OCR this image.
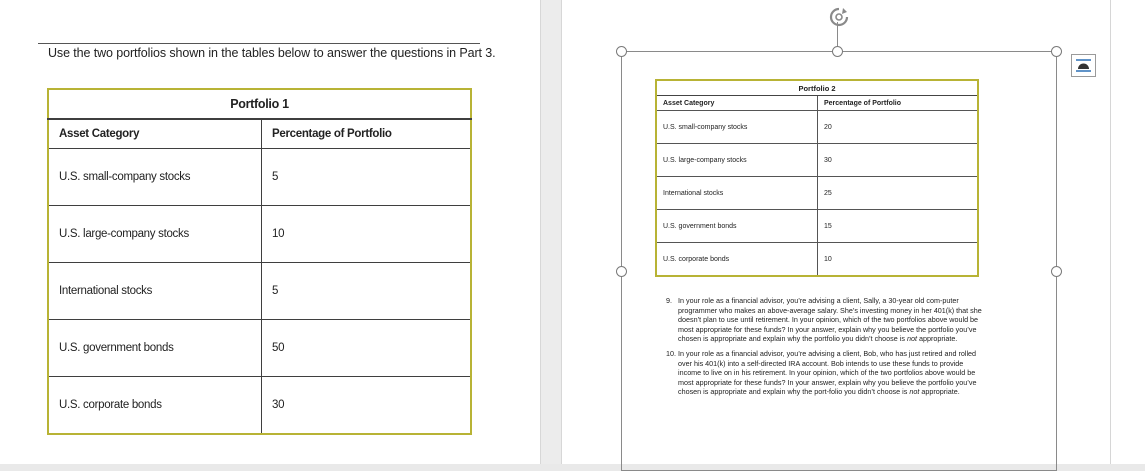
Use the two portfolios shown in the tables below to answer the questions in Part 3.
Portfolio 1	
Asset Category	Percentage of Portfolio
U.S. small-company stocks	5
U.S. large-company stocks	10
International stocks	5
U.S. government bonds	50
U.S. corporate bonds	30
Portfolio 2	
Asset Category	Percentage of Portfolio
U.S. small-company stocks	20
U.S. large-company stocks	30
International stocks	25
U.S. government bonds	15
U.S. corporate bonds	10
9. In your role as a financial advisor, you’re advising a client, Sally, a 30-year old com-puter programmer who makes an above-average salary. She’s investing money in her 401(k) that she doesn’t plan to use until retirement. In your opinion, which of the two portfolios above would be most appropriate for these funds? In your answer, explain why you believe the portfolio you’ve chosen is appropriate and explain why the portfolio you didn’t choose is not appropriate.
10. In your role as a financial advisor, you’re advising a client, Bob, who has just retired and rolled over his 401(k) into a self-directed IRA account. Bob intends to use these funds to provide income to live on in his retirement. In your opinion, which of the two portfolios above would be most appropriate for these funds? In your answer, explain why you believe the portfolio you’ve chosen is appropriate and explain why the port-folio you didn’t choose is not appropriate.
